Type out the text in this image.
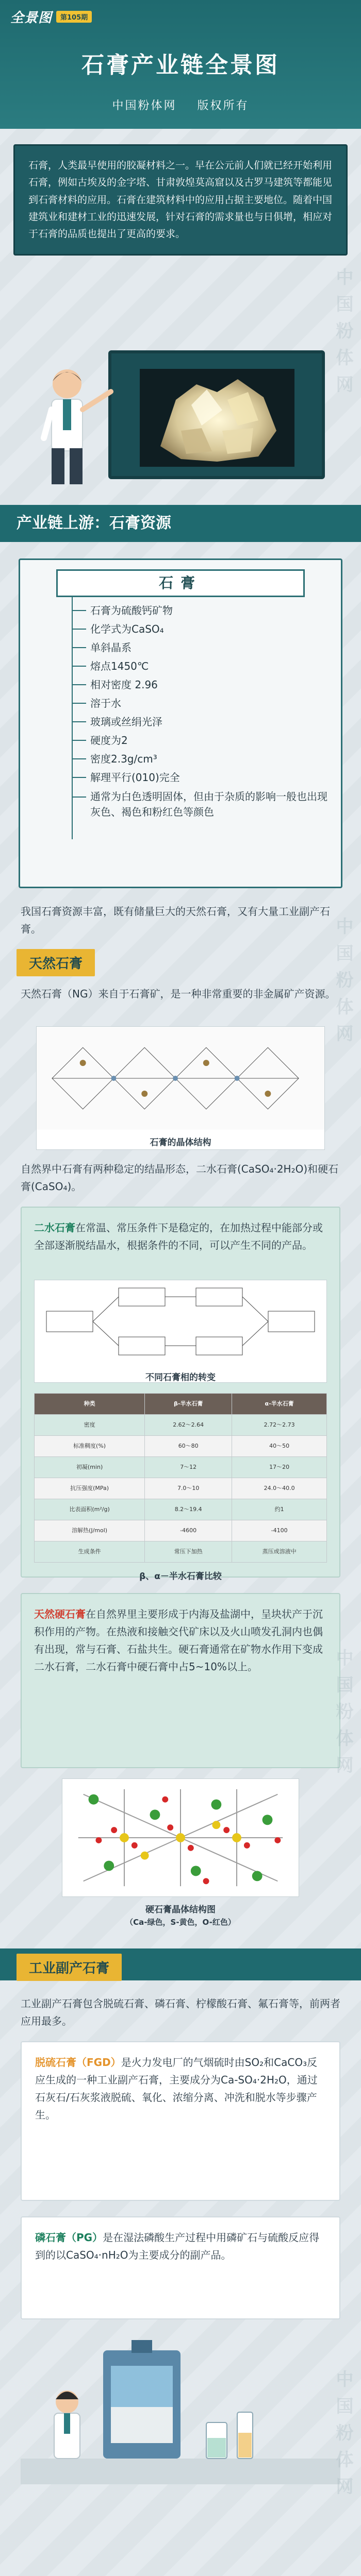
全景图	第105期
石膏产业链全景图
中国粉体网 版权所有
石膏，人类最早使用的胶凝材料之一。早在公元前人们就已经开始利用石膏，例如古埃及的金字塔、甘肃敦煌莫高窟以及古罗马建筑等都能见到石膏材料的应用。石膏在建筑材料中的应用占据主要地位。随着中国建筑业和建材工业的迅速发展，针对石膏的需求量也与日俱增，相应对于石膏的品质也提出了更高的要求。
产业链上游：石膏资源
石膏
石膏为硫酸钙矿物
化学式为CaSO₄
单斜晶系
熔点1450℃
相对密度 2.96
溶于水
玻璃或丝绢光泽
硬度为2
密度2.3g/cm³
解理平行(010)完全
通常为白色透明固体，但由于杂质的影响一般也出现灰色、褐色和粉红色等颜色
我国石膏资源丰富，既有储量巨大的天然石膏，又有大量工业副产石膏。
天然石膏
天然石膏（NG）来自于石膏矿，是一种非常重要的非金属矿产资源。
石膏的晶体结构
自然界中石膏有两种稳定的结晶形态，二水石膏(CaSO₄·2H₂O)和硬石膏(CaSO₄)。
二水石膏在常温、常压条件下是稳定的，在加热过程中能部分或全部逐渐脱结晶水，根据条件的不同，可以产生不同的产品。
不同石膏相的转变
种类	β-半水石膏	α-半水石膏
密度	2.62～2.64	2.72～2.73
标准稠度(%)	60～80	40～50
初凝(min)	7～12	17～20
抗压强度(MPa)	7.0～10	24.0～40.0
比表面积(m²/g)	8.2～19.4	约1
溶解热(J/mol)	-4600	-4100
生成条件	常压下加热	蒸压或溶液中
β、α－半水石膏比较
天然硬石膏在自然界里主要形成于内海及盐湖中，呈块状产于沉积作用的产物。在热液和接触交代矿床以及火山喷发孔洞内也偶有出现，常与石膏、石盐共生。硬石膏通常在矿物水作用下变成二水石膏，二水石膏中硬石膏中占5~10%以上。
硬石膏晶体结构图
（Ca-绿色，S-黄色，O-红色）
工业副产石膏
工业副产石膏包含脱硫石膏、磷石膏、柠檬酸石膏、氟石膏等，前两者应用最多。
脱硫石膏（FGD）是火力发电厂的气烟硫时由SO₂和CaCO₃反应生成的一种工业副产石膏，主要成分为Ca-SO₄·2H₂O，通过石灰石/石灰浆液脱硫、氧化、浓缩分离、冲洗和脱水等步骤产生。
磷石膏（PG）是在湿法磷酸生产过程中用磷矿石与硫酸反应得到的以CaSO₄·nH₂O为主要成分的副产品。
中国粉体网
中国粉体网
中国粉体网
中国粉体网
